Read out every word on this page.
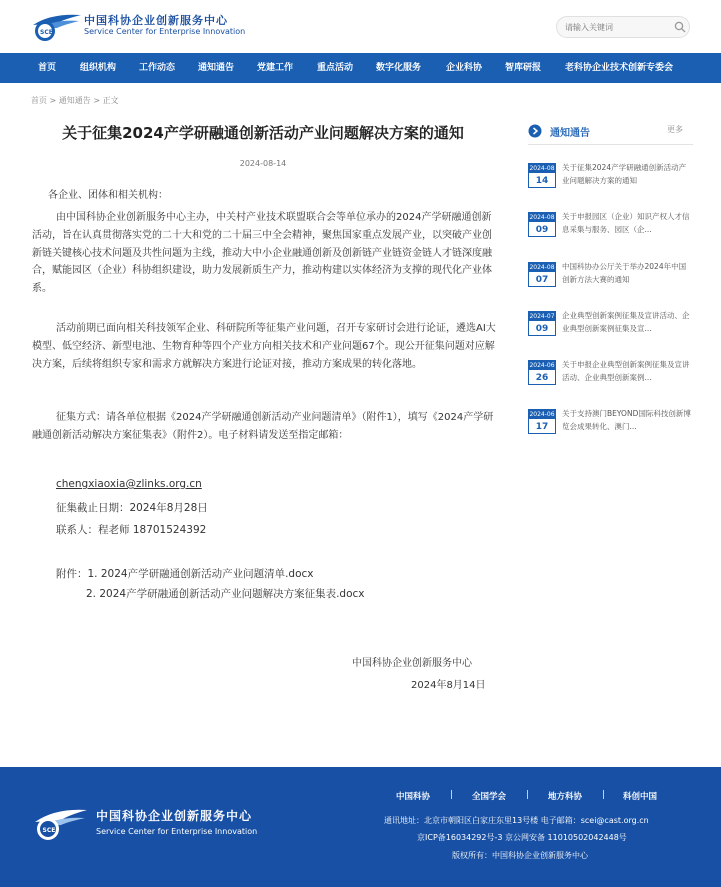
SCEI
中国科协企业创新服务中心
Service Center for Enterprise Innovation
请输入关键词
首页	组织机构	工作动态	通知通告	党建工作	重点活动	数字化服务	企业科协	智库研报	老科协企业技术创新专委会
首页 > 通知通告 > 正文
关于征集2024产学研融通创新活动产业问题解决方案的通知
2024-08-14
各企业、团体和相关机构：
由中国科协企业创新服务中心主办，中关村产业技术联盟联合会等单位承办的2024产学研融通创新活动，旨在认真贯彻落实党的二十大和党的二十届三中全会精神，聚焦国家重点发展产业，以突破产业创新链关键核心技术问题及共性问题为主线，推动大中小企业融通创新及创新链产业链资金链人才链深度融合，赋能园区（企业）科协组织建设，助力发展新质生产力，推动构建以实体经济为支撑的现代化产业体系。
活动前期已面向相关科技领军企业、科研院所等征集产业问题，召开专家研讨会进行论证，遴选AI大模型、低空经济、新型电池、生物育种等四个产业方向相关技术和产业问题67个。现公开征集问题对应解决方案，后续将组织专家和需求方就解决方案进行论证对接，推动方案成果的转化落地。
征集方式：请各单位根据《2024产学研融通创新活动产业问题清单》（附件1），填写《2024产学研融通创新活动解决方案征集表》（附件2）。电子材料请发送至指定邮箱：
chengxiaoxia@zlinks.org.cn
征集截止日期：2024年8月28日
联系人：程老师 18701524392
附件：1. 2024产学研融通创新活动产业问题清单.docx
2. 2024产学研融通创新活动产业问题解决方案征集表.docx
中国科协企业创新服务中心
2024年8月14日
通知通告	更多
2024-08
14
关于征集2024产学研融通创新活动产业问题解决方案的通知
2024-08
09
关于申报园区（企业）知识产权人才信息采集与服务、园区（企...
2024-08
07
中国科协办公厅关于举办2024年中国创新方法大赛的通知
2024-07
09
企业典型创新案例征集及宣讲活动、企业典型创新案例征集及宣...
2024-06
26
关于申报企业典型创新案例征集及宣讲活动、企业典型创新案例...
2024-06
17
关于支持澳门BEYOND国际科技创新博览会成果转化、澳门...
SCEI
中国科协企业创新服务中心
Service Center for Enterprise Innovation
中国科协 | 全国学会 | 地方科协 | 科创中国
通讯地址：北京市朝阳区白家庄东里13号楼 电子邮箱：scei@cast.org.cn
京ICP备16034292号-3 京公网安备 11010502042448号
版权所有：中国科协企业创新服务中心
